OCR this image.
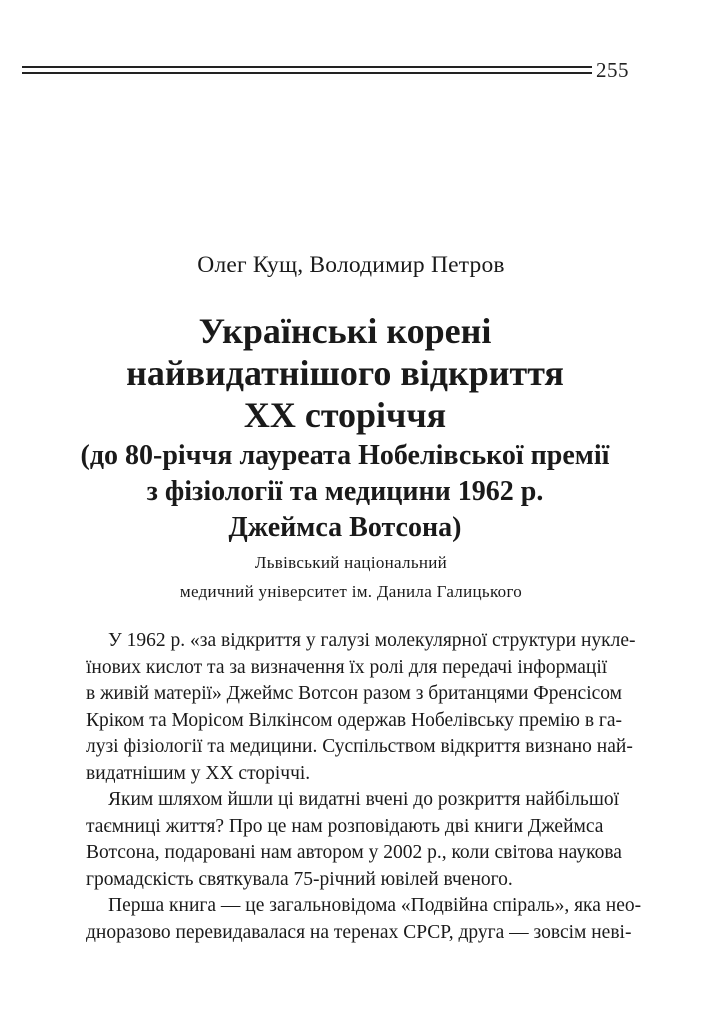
255
Олег Кущ, Володимир Петров
Українські корені
найвидатнішого відкриття
XX сторіччя
(до 80-річчя лауреата Нобелівської премії
з фізіології та медицини 1962 р.
Джеймса Вотсона)
Львівський національний
медичний університет ім. Данила Галицького
У 1962 р. «за відкриття у галузі молекулярної структури нукле-
їнових кислот та за визначення їх ролі для передачі інформації
в живій матерії» Джеймс Вотсон разом з британцями Френсісом
Кріком та Морісом Вілкінсом одержав Нобелівську премію в га-
лузі фізіології та медицини. Суспільством відкриття визнано най-
видатнішим у XX сторіччі.
Яким шляхом йшли ці видатні вчені до розкриття найбільшої
таємниці життя? Про це нам розповідають дві книги Джеймса
Вотсона, подаровані нам автором у 2002 р., коли світова наукова
громадскість святкувала 75-річний ювілей вченого.
Перша книга — це загальновідома «Подвійна спіраль», яка нео-
дноразово перевидавалася на теренах СРСР, друга — зовсім неві-
